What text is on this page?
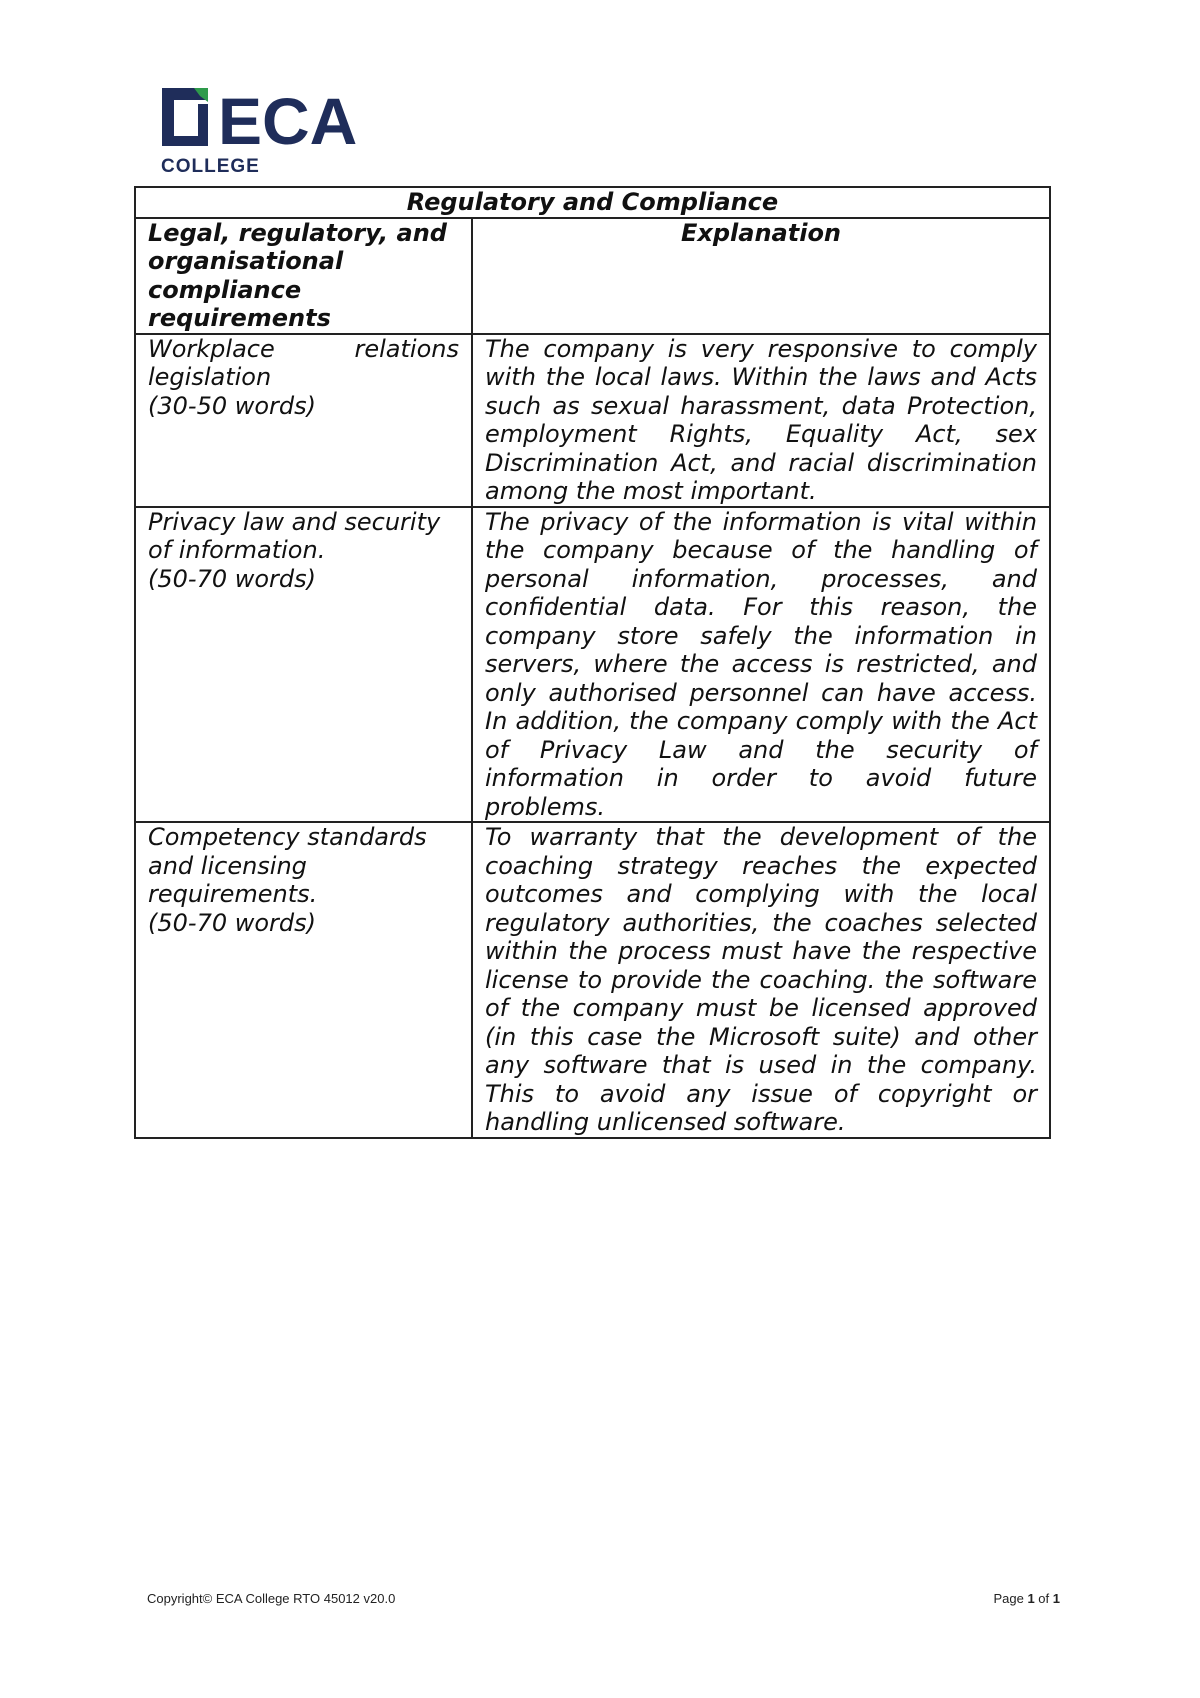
ECA
COLLEGE
Regulatory and Compliance	
Legal, regulatory, and organisational compliance requirements	Explanation

Workplace relations legislation
(30-50 words)	The company is very responsive to comply with the local laws. Within the laws and Acts such as sexual harassment, data Protection, employment Rights, Equality Act, sex Discrimination Act, and racial discrimination among the most important.

Privacy law and security of information.
(50-70 words)	The privacy of the information is vital within the company because of the handling of personal information, processes, and confidential data. For this reason, the company store safely the information in servers, where the access is restricted, and only authorised personnel can have access. In addition, the company comply with the Act of Privacy Law and the security of information in order to avoid future problems.

Competency standards and licensing requirements.
(50-70 words)	To warranty that the development of the coaching strategy reaches the expected outcomes and complying with the local regulatory authorities, the coaches selected within the process must have the respective license to provide the coaching. the software of the company must be licensed approved (in this case the Microsoft suite) and other any software that is used in the company. This to avoid any issue of copyright or handling unlicensed software.
Copyright© ECA College RTO 45012 v20.0	Page 1 of 1
